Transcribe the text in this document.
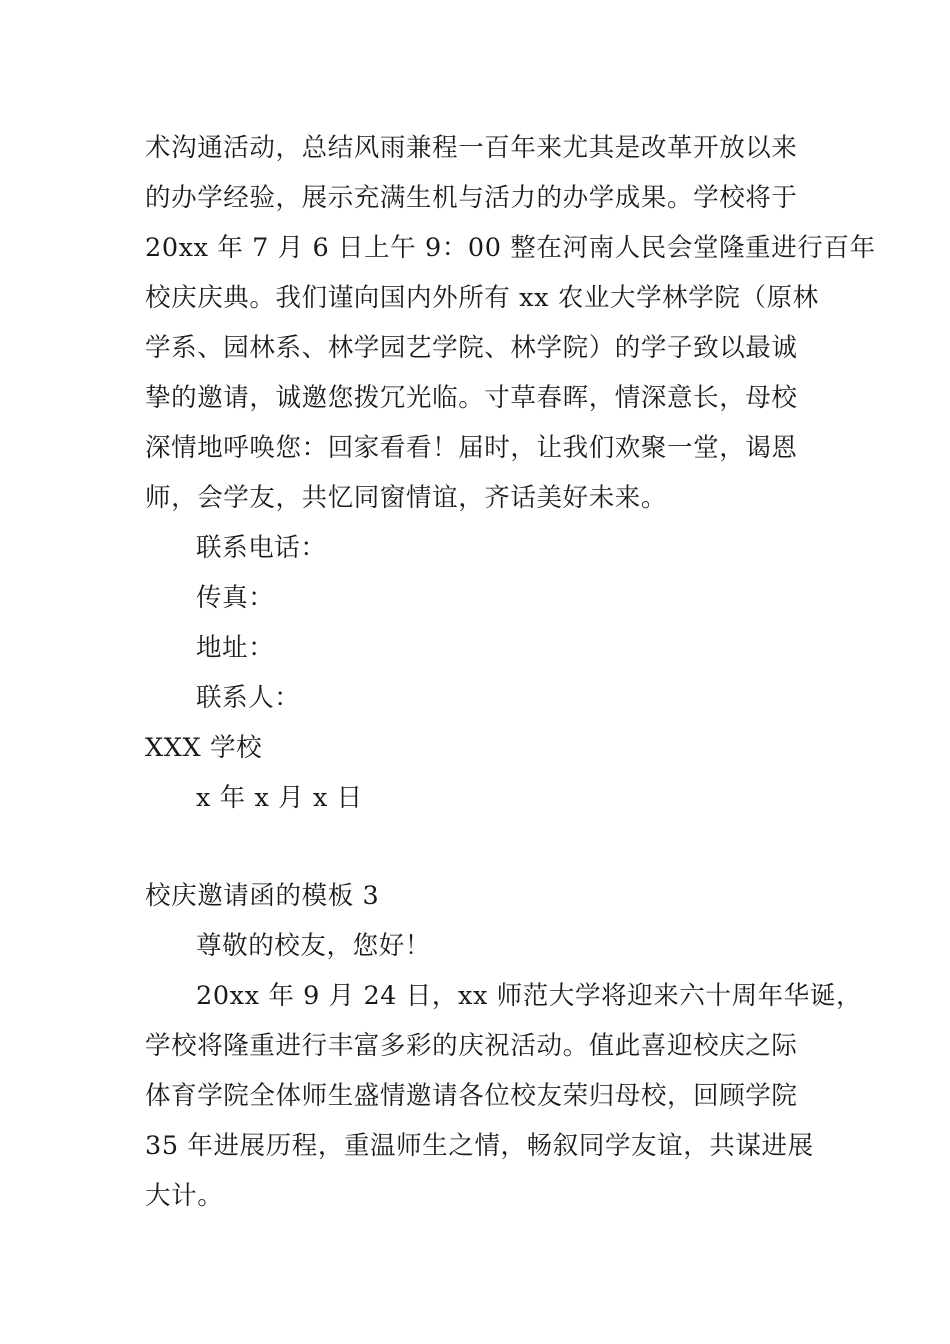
术沟通活动，总结风雨兼程一百年来尤其是改革开放以来
的办学经验，展示充满生机与活力的办学成果。学校将于
20xx 年 7 月 6 日上午 9：00 整在河南人民会堂隆重进行百年
校庆庆典。我们谨向国内外所有 xx 农业大学林学院（原林
学系、园林系、林学园艺学院、林学院）的学子致以最诚
挚的邀请，诚邀您拨冗光临。寸草春晖，情深意长，母校
深情地呼唤您：回家看看！届时，让我们欢聚一堂，谒恩
师，会学友，共忆同窗情谊，齐话美好未来。
联系电话：
传真：
地址：
联系人：
XXX 学校
x 年 x 月 x 日
校庆邀请函的模板 3
尊敬的校友，您好！
20xx 年 9 月 24 日，xx 师范大学将迎来六十周年华诞，
学校将隆重进行丰富多彩的庆祝活动。值此喜迎校庆之际
体育学院全体师生盛情邀请各位校友荣归母校，回顾学院
35 年进展历程，重温师生之情，畅叙同学友谊，共谋进展
大计。
